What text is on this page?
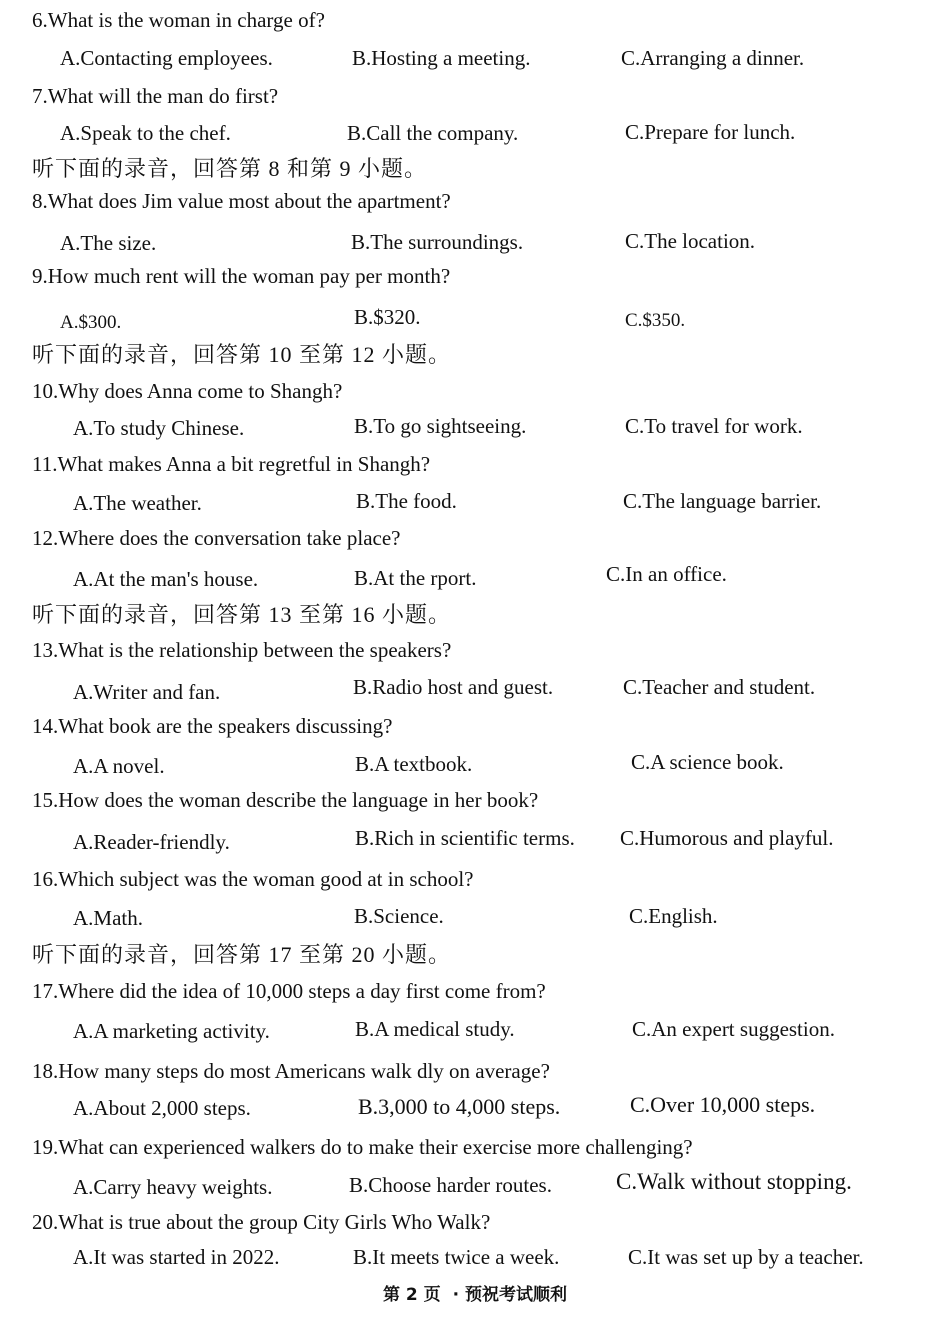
6.What is the woman in charge of?
A.Contacting employees.	B.Hosting a meeting.	C.Arranging a dinner.
7.What will the man do first?
A.Speak to the chef.	B.Call the company.	C.Prepare for lunch.
听下面的录音，回答第 8 和第 9 小题。
8.What does Jim value most about the apartment?
A.The size.	B.The surroundings.	C.The location.
9.How much rent will the woman pay per month?
A.$300.	B.$320.	C.$350.
听下面的录音，回答第 10 至第 12 小题。
10.Why does Anna come to Shangh?
A.To study Chinese.	B.To go sightseeing.	C.To travel for work.
11.What makes Anna a bit regretful in Shangh?
A.The weather.	B.The food.	C.The language barrier.
12.Where does the conversation take place?
A.At the man's house.	B.At the rport.	C.In an office.
听下面的录音，回答第 13 至第 16 小题。
13.What is the relationship between the speakers?
A.Writer and fan.	B.Radio host and guest.	C.Teacher and student.
14.What book are the speakers discussing?
A.A novel.	B.A textbook.	C.A science book.
15.How does the woman describe the language in her book?
A.Reader-friendly.	B.Rich in scientific terms. C.Humorous and playful.
16.Which subject was the woman good at in school?
A.Math.	B.Science.	C.English.
听下面的录音，回答第 17 至第 20 小题。
17.Where did the idea of 10,000 steps a day first come from?
A.A marketing activity.	B.A medical study.	C.An expert suggestion.
18.How many steps do most Americans walk dly on average?
A.About 2,000 steps.	B.3,000 to 4,000 steps.	C.Over 10,000 steps.
19.What can experienced walkers do to make their exercise more challenging?
A.Carry heavy weights.	B.Choose harder routes.	C.Walk without stopping.
20.What is true about the group City Girls Who Walk?
A.It was started in 2022.	B.It meets twice a week.	C.It was set up by a teacher.
第 2 页 · 预祝考试顺利
